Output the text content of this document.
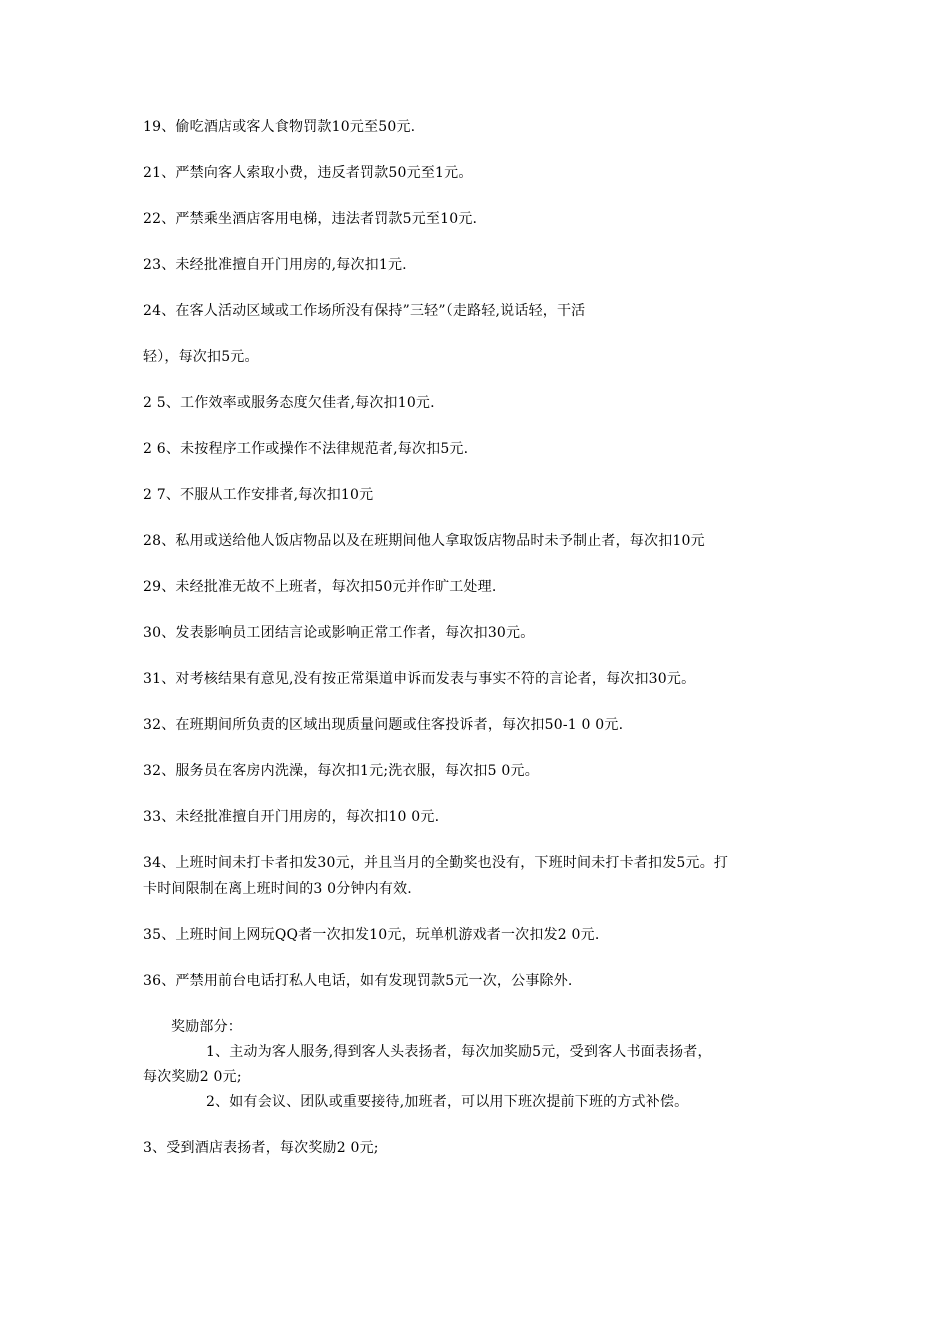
19、偷吃酒店或客人食物罚款10元至50元.
21、严禁向客人索取小费，违反者罚款50元至1元。
22、严禁乘坐酒店客用电梯，违法者罚款5元至10元.
23、未经批准擅自开门用房的,每次扣1元.
24、在客人活动区域或工作场所没有保持”三轻”（走路轻,说话轻，干活
轻），每次扣5元。
2 5、工作效率或服务态度欠佳者,每次扣10元.
2 6、未按程序工作或操作不法律规范者,每次扣5元.
2 7、不服从工作安排者,每次扣10元
28、私用或送给他人饭店物品以及在班期间他人拿取饭店物品时未予制止者，每次扣10元
29、未经批准无故不上班者，每次扣50元并作旷工处理.
30、发表影响员工团结言论或影响正常工作者，每次扣30元。
31、对考核结果有意见,没有按正常渠道申诉而发表与事实不符的言论者，每次扣30元。
32、在班期间所负责的区域出现质量问题或住客投诉者，每次扣50-1 0 0元.
32、服务员在客房内洗澡，每次扣1元;洗衣服，每次扣5 0元。
33、未经批准擅自开门用房的，每次扣10 0元.
34、上班时间未打卡者扣发30元，并且当月的全勤奖也没有，下班时间未打卡者扣发5元。打
卡时间限制在离上班时间的3 0分钟内有效.
35、上班时间上网玩QQ者一次扣发10元，玩单机游戏者一次扣发2 0元.
36、严禁用前台电话打私人电话，如有发现罚款5元一次，公事除外.
奖励部分：
1、主动为客人服务,得到客人头表扬者，每次加奖励5元，受到客人书面表扬者，
每次奖励2 0元;
2、如有会议、团队或重要接待,加班者，可以用下班次提前下班的方式补偿。
3、受到酒店表扬者，每次奖励2 0元;
